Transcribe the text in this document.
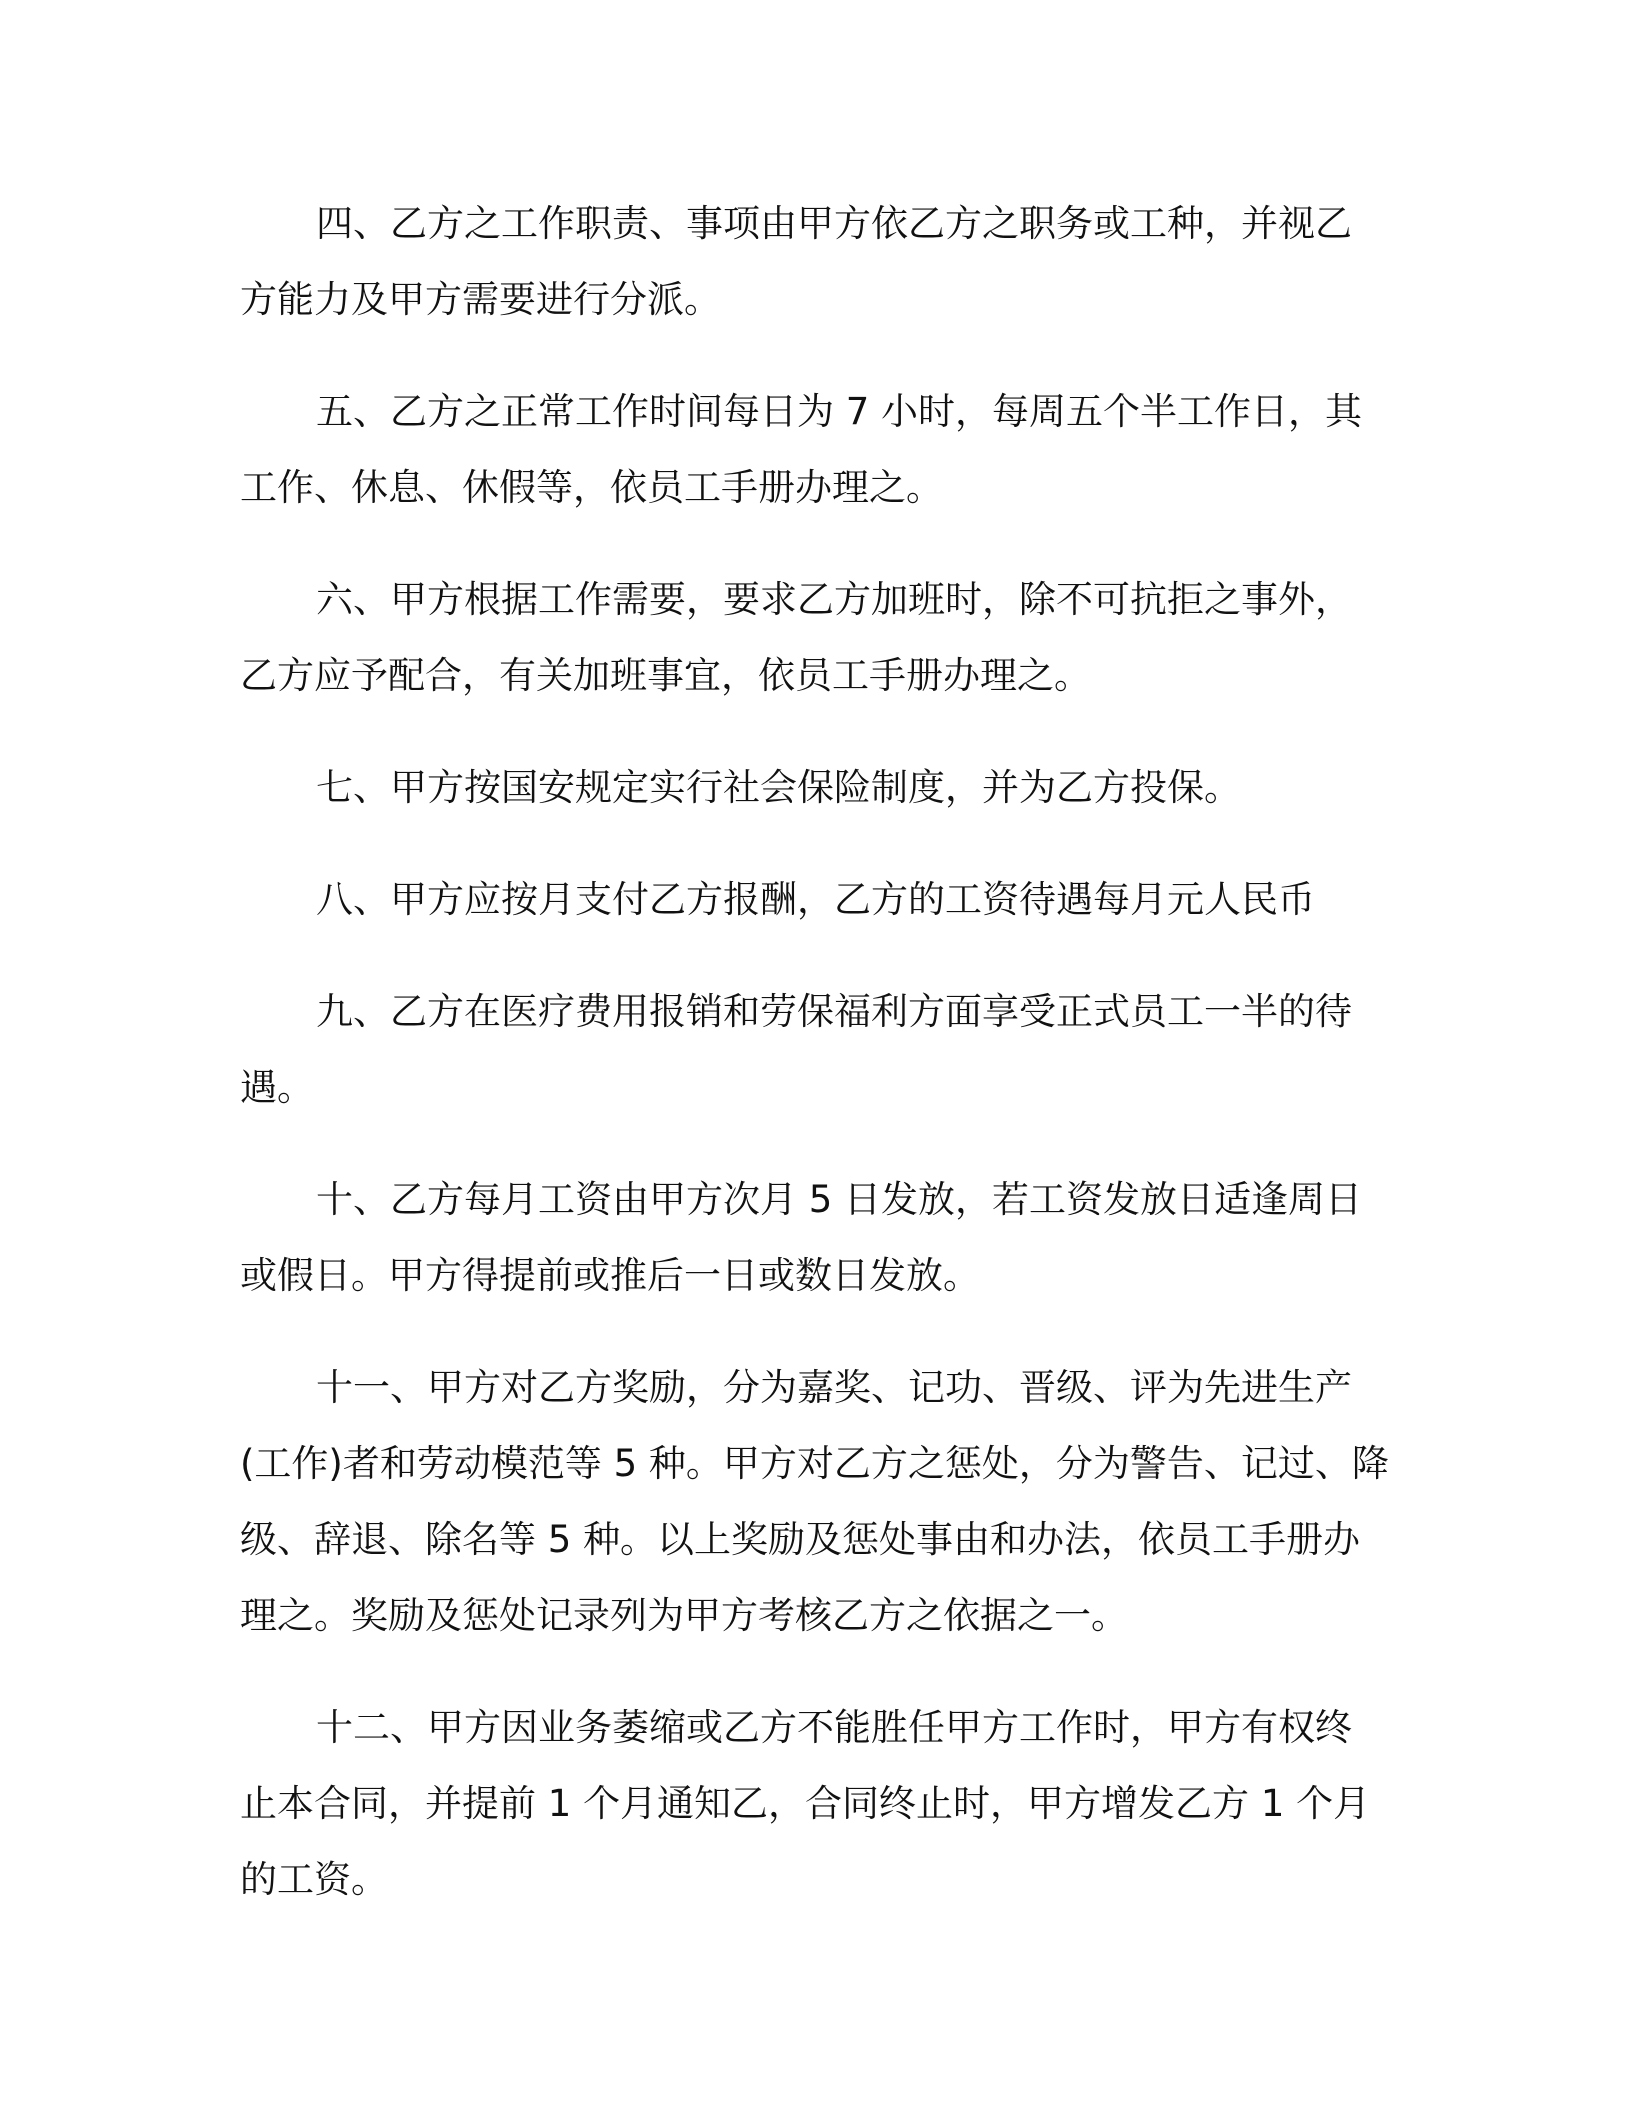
四、乙方之工作职责、事项由甲方依乙方之职务或工种，并视乙
方能力及甲方需要进行分派。

五、乙方之正常工作时间每日为 7 小时，每周五个半工作日，其
工作、休息、休假等，依员工手册办理之。

六、甲方根据工作需要，要求乙方加班时，除不可抗拒之事外，
乙方应予配合，有关加班事宜，依员工手册办理之。

七、甲方按国安规定实行社会保险制度，并为乙方投保。

八、甲方应按月支付乙方报酬，乙方的工资待遇每月元人民币

九、乙方在医疗费用报销和劳保福利方面享受正式员工一半的待
遇。

十、乙方每月工资由甲方次月 5 日发放，若工资发放日适逢周日
或假日。甲方得提前或推后一日或数日发放。

十一、甲方对乙方奖励，分为嘉奖、记功、晋级、评为先进生产
(工作)者和劳动模范等 5 种。甲方对乙方之惩处，分为警告、记过、降
级、辞退、除名等 5 种。以上奖励及惩处事由和办法，依员工手册办
理之。奖励及惩处记录列为甲方考核乙方之依据之一。

十二、甲方因业务萎缩或乙方不能胜任甲方工作时，甲方有权终
止本合同，并提前 1 个月通知乙，合同终止时，甲方增发乙方 1 个月
的工资。
